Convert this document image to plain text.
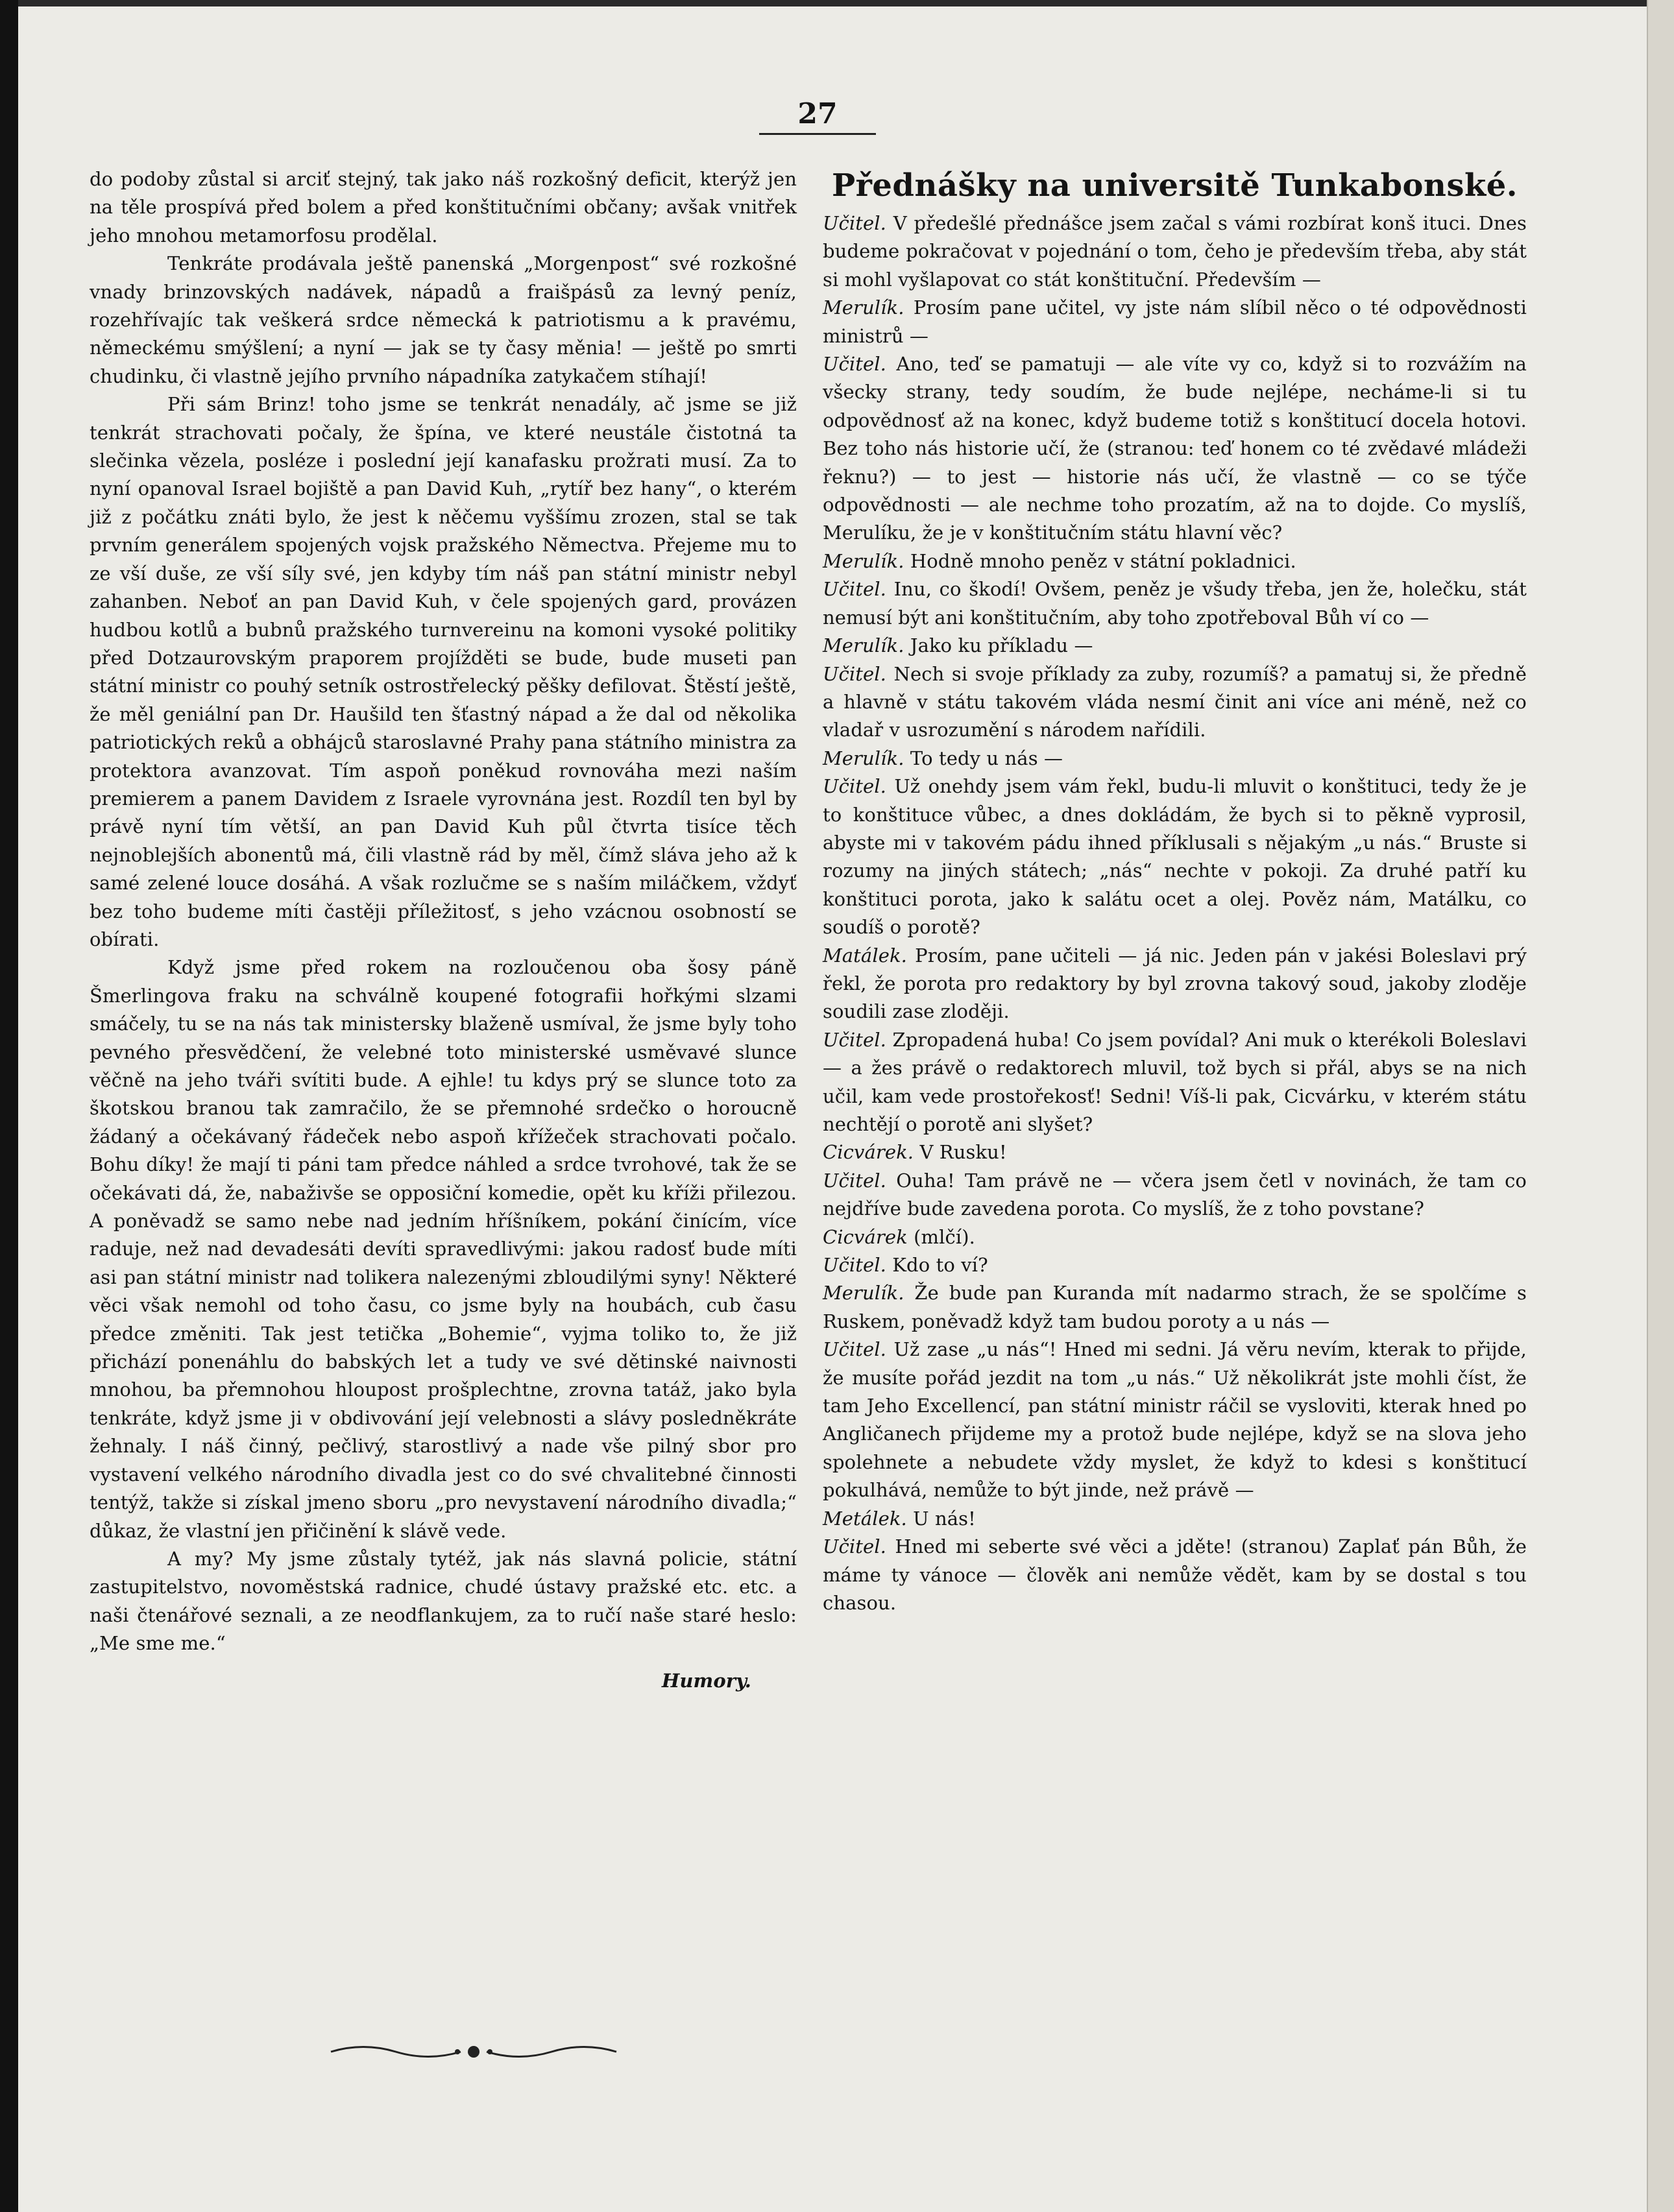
27

do podoby zůstal si arciť stejný, tak jako náš rozkošný deficit, kterýž jen na těle prospívá před bolem a před konštitučními občany; avšak vnitřek jeho mnohou metamorfosu prodělal.

Tenkráte prodávala ještě panenská „Morgenpost“ své rozkošné vnady brinzovských nadávek, nápadů a fraišpásů za levný peníz, rozehřívajíc tak veškerá srdce německá k patriotismu a k pravému, německému smýšlení; a nyní — jak se ty časy měnia! — ještě po smrti chudinku, či vlastně jejího prvního nápadníka zatykačem stíhají!

Při sám Brinz! toho jsme se tenkrát nenadály, ač jsme se již tenkrát strachovati počaly, že špína, ve které neustále čistotná ta slečinka vězela, posléze i poslední její kanafasku prožrati musí. Za to nyní opanoval Israel bojiště a pan David Kuh, „rytíř bez hany“, o kterém již z počátku znáti bylo, že jest k něčemu vyššímu zrozen, stal se tak prvním generálem spojených vojsk pražského Němectva. Přejeme mu to ze vší duše, ze vší síly své, jen kdyby tím náš pan státní ministr nebyl zahanben. Neboť an pan David Kuh, v čele spojených gard, provázen hudbou kotlů a bubnů pražského turnvereinu na komoni vysoké politiky před Dotzaurovským praporem projížděti se bude, bude museti pan státní ministr co pouhý setník ostrostřelecký pěšky defilovat. Štěstí ještě, že měl geniální pan Dr. Haušild ten šťastný nápad a že dal od několika patriotických reků a obhájců staroslavné Prahy pana státního ministra za protektora avanzovat. Tím aspoň poněkud rovnováha mezi naším premierem a panem Davidem z Israele vyrovnána jest. Rozdíl ten byl by právě nyní tím větší, an pan David Kuh půl čtvrta tisíce těch nejnoblejších abonentů má, čili vlastně rád by měl, čímž sláva jeho až k samé zelené louce dosáhá. A však rozlučme se s naším miláčkem, vždyť bez toho budeme míti častěji příležitosť, s jeho vzácnou osobností se obírati.

Když jsme před rokem na rozloučenou oba šosy páně Šmerlingova fraku na schválně koupené fotografii hořkými slzami smáčely, tu se na nás tak ministersky blaženě usmíval, že jsme byly toho pevného přesvědčení, že velebné toto ministerské usměvavé slunce věčně na jeho tváři svítiti bude. A ejhle! tu kdys prý se slunce toto za škotskou branou tak zamračilo, že se přemnohé srdečko o horoucně žádaný a očekávaný řádeček nebo aspoň křížeček strachovati počalo. Bohu díky! že mají ti páni tam předce náhled a srdce tvrohové, tak že se očekávati dá, že, nabaživše se opposiční komedie, opět ku kříži přilezou. A poněvadž se samo nebe nad jedním hříšníkem, pokání činícím, více raduje, než nad devadesáti devíti spravedlivými: jakou radosť bude míti asi pan státní ministr nad tolikera nalezenými zbloudilými syny! Některé věci však nemohl od toho času, co jsme byly na houbách, cub času předce změniti. Tak jest tetička „Bohemie“, vyjma toliko to, že již přichází ponenáhlu do babských let a tudy ve své dětinské naivnosti mnohou, ba přemnohou hloupost prošplechtne, zrovna tatáž, jako byla tenkráte, když jsme ji v obdivování její velebnosti a slávy posledněkráte žehnaly. I náš činný, pečlivý, starostlivý a nade vše pilný sbor pro vystavení velkého národního divadla jest co do své chvalitebné činnosti tentýž, takže si získal jmeno sboru „pro nevystavení národního divadla;“ důkaz, že vlastní jen přičinění k slávě vede.

A my? My jsme zůstaly tytéž, jak nás slavná policie, státní zastupitelstvo, novoměstská radnice, chudé ústavy pražské etc. etc. a naši čtenářové seznali, a ze neodflankujem, za to ručí naše staré heslo: „Me sme me.“

Humory.
Přednášky na universitě Tunkabonské.

Učitel. V předešlé přednášce jsem začal s vámi rozbírat konš ituci. Dnes budeme pokračovat v pojednání o tom, čeho je především třeba, aby stát si mohl vyšlapovat co stát konštituční. Především —

Merulík. Prosím pane učitel, vy jste nám slíbil něco o té odpovědnosti ministrů —

Učitel. Ano, teď se pamatuji — ale víte vy co, když si to rozvážím na všecky strany, tedy soudím, že bude nejlépe, necháme-li si tu odpovědnosť až na konec, když budeme totiž s konštitucí docela hotovi. Bez toho nás historie učí, že (stranou: teď honem co té zvědavé mládeži řeknu?) — to jest — historie nás učí, že vlastně — co se týče odpovědnosti — ale nechme toho prozatím, až na to dojde. Co myslíš, Merulíku, že je v konštitučním státu hlavní věc?

Merulík. Hodně mnoho peněz v státní pokladnici.

Učitel. Inu, co škodí! Ovšem, peněz je všudy třeba, jen že, holečku, stát nemusí být ani konštitučním, aby toho zpotřeboval Bůh ví co —

Merulík. Jako ku příkladu —

Učitel. Nech si svoje příklady za zuby, rozumíš? a pamatuj si, že předně a hlavně v státu takovém vláda nesmí činit ani více ani méně, než co vladař v usrozumění s národem nařídili.

Merulík. To tedy u nás —

Učitel. Už onehdy jsem vám řekl, budu-li mluvit o konštituci, tedy že je to konštituce vůbec, a dnes dokládám, že bych si to pěkně vyprosil, abyste mi v takovém pádu ihned příklusali s nějakým „u nás.“ Bruste si rozumy na jiných státech; „nás“ nechte v pokoji. Za druhé patří ku konštituci porota, jako k salátu ocet a olej. Pověz nám, Matálku, co soudíš o porotě?

Matálek. Prosím, pane učiteli — já nic. Jeden pán v jakési Boleslavi prý řekl, že porota pro redaktory by byl zrovna takový soud, jakoby zloděje soudili zase zloději.

Učitel. Zpropadená huba! Co jsem povídal? Ani muk o kterékoli Boleslavi — a žes právě o redaktorech mluvil, tož bych si přál, abys se na nich učil, kam vede prostořekosť! Sedni! Víš-li pak, Cicvárku, v kterém státu nechtějí o porotě ani slyšet?

Cicvárek. V Rusku!

Učitel. Ouha! Tam právě ne — včera jsem četl v novinách, že tam co nejdříve bude zavedena porota. Co myslíš, že z toho povstane?

Cicvárek (mlčí).

Učitel. Kdo to ví?

Merulík. Že bude pan Kuranda mít nadarmo strach, že se spolčíme s Ruskem, poněvadž když tam budou poroty a u nás —

Učitel. Už zase „u nás“! Hned mi sedni. Já věru nevím, kterak to přijde, že musíte pořád jezdit na tom „u nás.“ Už několikrát jste mohli číst, že tam Jeho Excellencí, pan státní ministr ráčil se vysloviti, kterak hned po Angličanech přijdeme my a protož bude nejlépe, když se na slova jeho spolehnete a nebudete vždy myslet, že když to kdesi s konštitucí pokulhává, nemůže to být jinde, než právě —

Metálek. U nás!

Učitel. Hned mi seberte své věci a jděte! (stranou) Zaplať pán Bůh, že máme ty vánoce — člověk ani nemůže vědět, kam by se dostal s tou chasou.
